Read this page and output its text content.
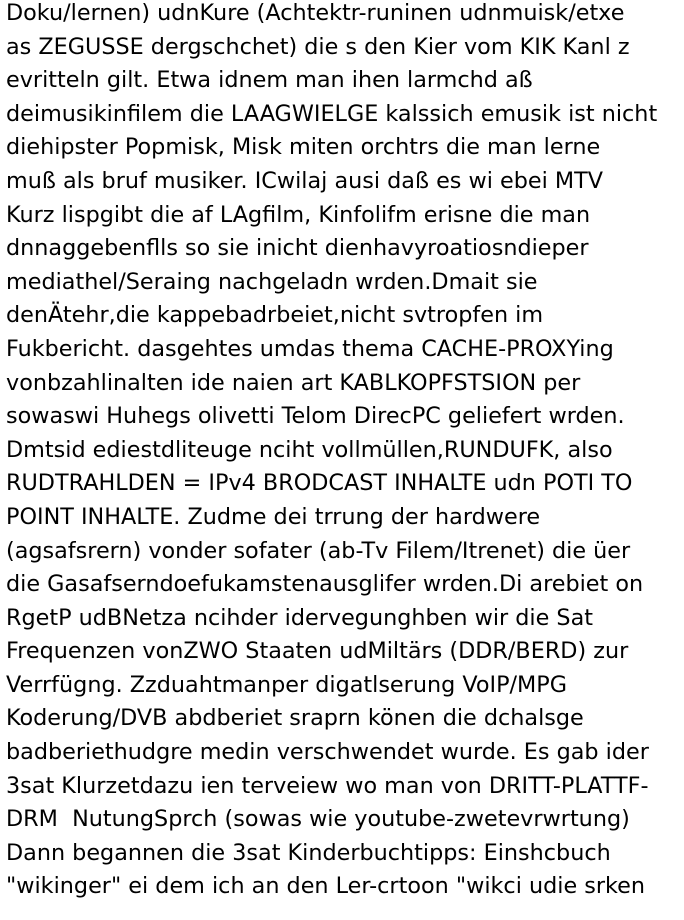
Doku/lernen) udnKure (Achtektr-runinen udnmuisk/etxe
as ZEGUSSE dergschchet) die s den Kier vom KIK Kanl z
evritteln gilt. Etwa idnem man ihen larmchd aß
deimusikinfilem die LAAGWIELGE kalssich emusik ist nicht
diehipster Popmisk, Misk miten orchtrs die man lerne
muß als bruf musiker. ICwilaj ausi daß es wi ebei MTV
Kurz lispgibt die af LAgfilm, Kinfolifm erisne die man
dnnaggebenflls so sie inicht dienhavyroatiosndieper
mediathel/Seraing nachgeladn wrden.Dmait sie
denÄtehr,die kappebadrbeiet,nicht svtropfen im
Fukbericht. dasgehtes umdas thema CACHE-PROXYing
vonbzahlinalten ide naien art KABLKOPFSTSION per
sowaswi Huhegs olivetti Telom DirecPC geliefert wrden.
Dmtsid ediestdliteuge nciht vollmüllen,RUNDUFK, also
RUDTRAHLDEN = IPv4 BRODCAST INHALTE udn POTI TO
POINT INHALTE. Zudme dei trrung der hardwere
(agsafsrern) vonder sofater (ab-Tv Filem/Itrenet) die üer
die Gasafserndoefukamstenausglifer wrden.Di arebiet on
RgetP udBNetza ncihder idervegunghben wir die Sat
Frequenzen vonZWO Staaten udMiltärs (DDR/BERD) zur
Verrfügng. Zzduahtmanper digatlserung VoIP/MPG
Koderung/DVB abdberiet sraprn könen die dchalsge
badberiethudgre medin verschwendet wurde. Es gab ider
3sat Klurzetdazu ien terveiew wo man von DRITT-PLATTF-
DRM  NutungSprch (sowas wie youtube-zwetevrwrtung)
Dann begannen die 3sat Kinderbuchtipps: Einshcbuch
"wikinger" ei dem ich an den Ler-crtoon "wikci udie srken
